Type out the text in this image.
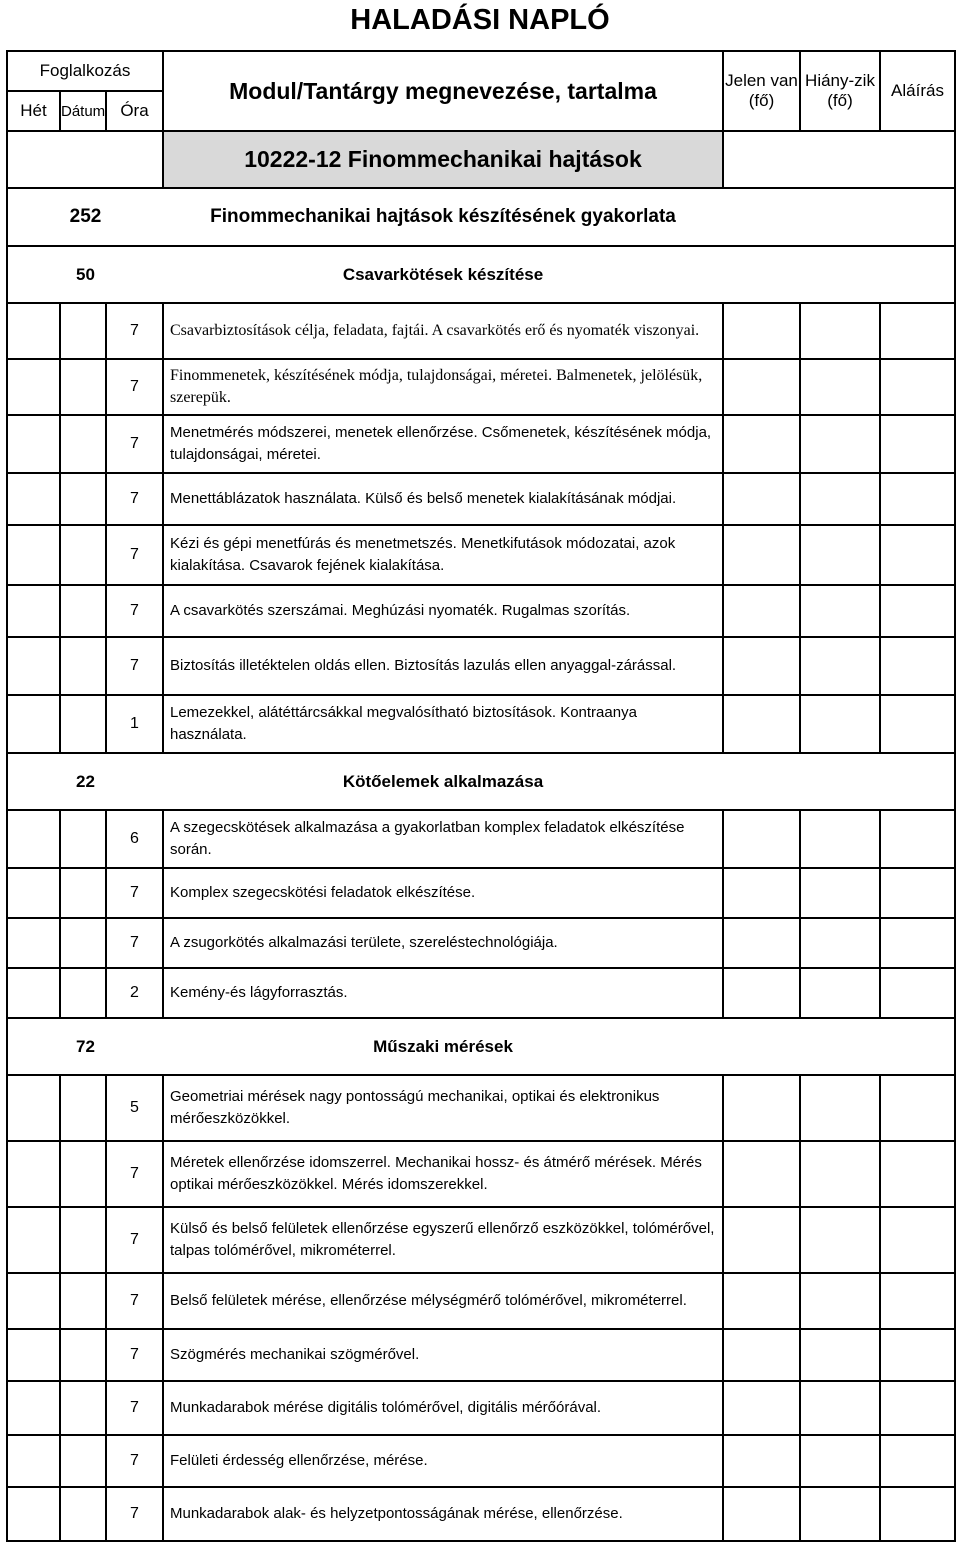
HALADÁSI NAPLÓ
Foglalkozás			Modul/Tantárgy megnevezése, tartalma	Jelen van (fő)	Hiány-zik (fő)	Aláírás
Hét	Dátum	Óra				
			10222-12 Finommechanikai hajtások			
252			Finommechanikai hajtások készítésének gyakorlata			
50			Csavarkötések készítése			
		7	Csavarbiztosítások célja, feladata, fajtái. A csavarkötés erő és nyomaték viszonyai.			
		7	Finommenetek, készítésének módja, tulajdonságai, méretei. Balmenetek, jelölésük, szerepük.			
		7	Menetmérés módszerei, menetek ellenőrzése. Csőmenetek, készítésének módja, tulajdonságai, méretei.			
		7	Menettáblázatok használata. Külső és belső menetek kialakításának módjai.			
		7	Kézi és gépi menetfúrás és menetmetszés. Menetkifutások módozatai, azok kialakítása. Csavarok fejének kialakítása.			
		7	A csavarkötés szerszámai. Meghúzási nyomaték. Rugalmas szorítás.			
		7	Biztosítás illetéktelen oldás ellen. Biztosítás lazulás ellen anyaggal-zárással.			
		1	Lemezekkel, alátéttárcsákkal megvalósítható biztosítások. Kontraanya használata.			
22			Kötőelemek alkalmazása			
		6	A szegecskötések alkalmazása a gyakorlatban komplex feladatok elkészítése során.			
		7	Komplex szegecskötési feladatok elkészítése.			
		7	A zsugorkötés alkalmazási területe, szereléstechnológiája.			
		2	Kemény-és lágyforrasztás.			
72			Műszaki mérések			
		5	Geometriai mérések nagy pontosságú mechanikai, optikai és elektronikus mérőeszközökkel.			
		7	Méretek ellenőrzése idomszerrel. Mechanikai hossz- és átmérő mérések. Mérés optikai mérőeszközökkel. Mérés idomszerekkel.			
		7	Külső és belső felületek ellenőrzése egyszerű ellenőrző eszközökkel, tolómérővel, talpas tolómérővel, mikrométerrel.			
		7	Belső felületek mérése, ellenőrzése mélységmérő tolómérővel, mikrométerrel.			
		7	Szögmérés mechanikai szögmérővel.			
		7	Munkadarabok mérése digitális tolómérővel, digitális mérőórával.			
		7	Felületi érdesség ellenőrzése, mérése.			
		7	Munkadarabok alak- és helyzetpontosságának mérése, ellenőrzése.			
